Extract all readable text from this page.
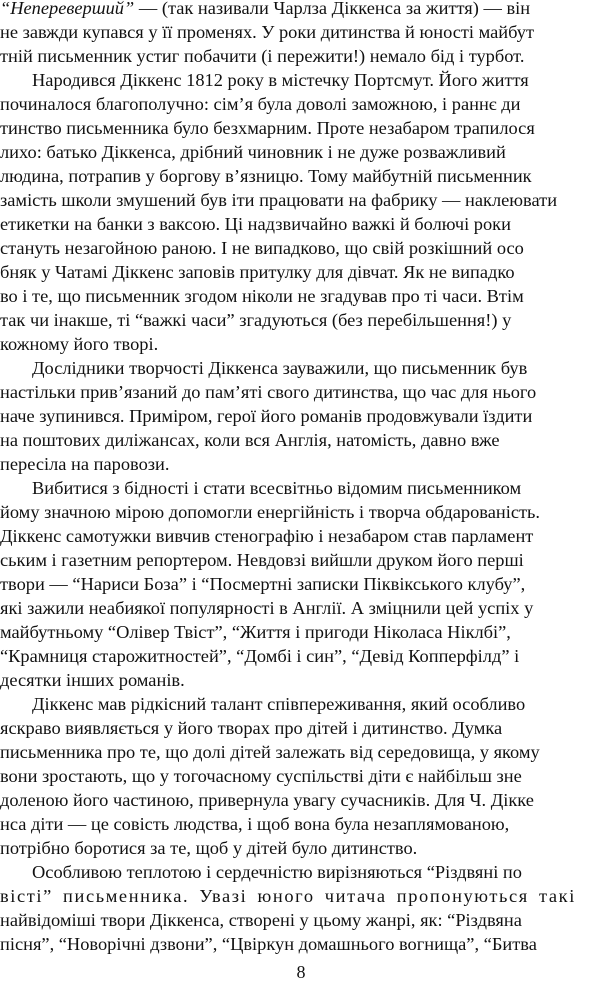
“Непереверший” — (так називали Чарлза Діккенса за життя) — він
не завжди купався у її променях. У роки дитинства й юності майбут
тній письменник устиг побачити (і пережити!) немало бід і турбот.
Народився Діккенс 1812 року в містечку Портсмут. Його життя
починалося благополучно: сім’я була доволі заможною, і раннє ди
тинство письменника було безхмарним. Проте незабаром трапилося
лихо: батько Діккенса, дрібний чиновник і не дуже розважливий
людина, потрапив у боргову в’язницю. Тому майбутній письменник
замість школи змушений був іти працювати на фабрику — наклеювати
етикетки на банки з ваксою. Ці надзвичайно важкі й болючі роки
стануть незагойною раною. І не випадково, що свій розкішний осо
бняк у Чатамі Діккенс заповів притулку для дівчат. Як не випадко
во і те, що письменник згодом ніколи не згадував про ті часи. Втім
так чи інакше, ті “важкі часи” згадуються (без перебільшення!) у
кожному його творі.
Дослідники творчості Діккенса зауважили, що письменник був
настільки прив’язаний до пам’яті свого дитинства, що час для нього
наче зупинився. Приміром, герої його романів продовжували їздити
на поштових диліжансах, коли вся Англія, натомість, давно вже
пересіла на паровози.
Вибитися з бідності і стати всесвітньо відомим письменником
йому значною мірою допомогли енергійність і творча обдарованість.
Діккенс самотужки вивчив стенографію і незабаром став парламент
ським і газетним репортером. Невдовзі вийшли друком його перші
твори — “Нариси Боза” і “Посмертні записки Піквікського клубу”,
які зажили неабиякої популярності в Англії. А зміцнили цей успіх у
майбутньому “Олівер Твіст”, “Життя і пригоди Ніколаса Ніклбі”,
“Крамниця старожитностей”, “Домбі і син”, “Девід Копперфілд” і
десятки інших романів.
Діккенс мав рідкісний талант співпереживання, який особливо
яскраво виявляється у його творах про дітей і дитинство. Думка
письменника про те, що долі дітей залежать від середовища, у якому
вони зростають, що у тогочасному суспільстві діти є найбільш зне
доленою його частиною, привернула увагу сучасників. Для Ч. Дікке
нса діти — це совість людства, і щоб вона була незаплямованою,
потрібно боротися за те, щоб у дітей було дитинство.
Особливою теплотою і сердечністю вирізняються “Різдвяні по
вісті” письменника. Увазі юного читача пропонуються такі
найвідоміші твори Діккенса, створені у цьому жанрі, як: “Різдвяна
пісня”, “Новорічні дзвони”, “Цвіркун домашнього вогнища”, “Битва
8
